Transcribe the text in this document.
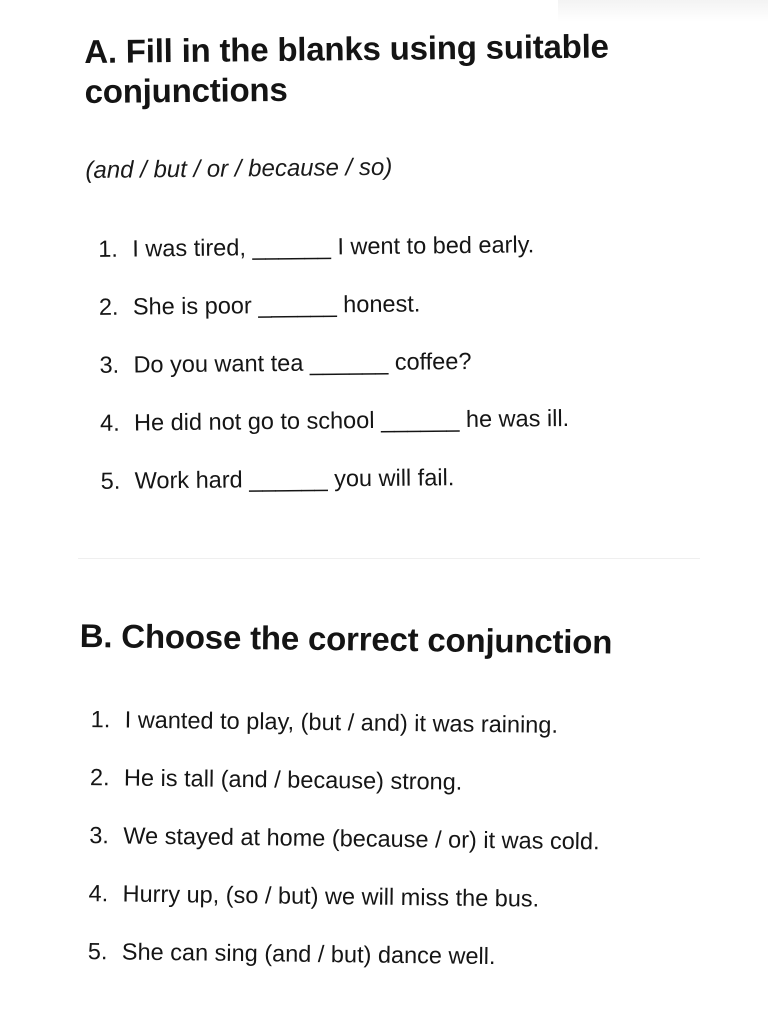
A. Fill in the blanks using suitable
conjunctions

(and / but / or / because / so)

1. I was tired, ______ I went to bed early.
2. She is poor ______ honest.
3. Do you want tea ______ coffee?
4. He did not go to school ______ he was ill.
5. Work hard ______ you will fail.
B. Choose the correct conjunction
1. I wanted to play, (but / and) it was raining.
2. He is tall (and / because) strong.
3. We stayed at home (because / or) it was cold.
4. Hurry up, (so / but) we will miss the bus.
5. She can sing (and / but) dance well.
